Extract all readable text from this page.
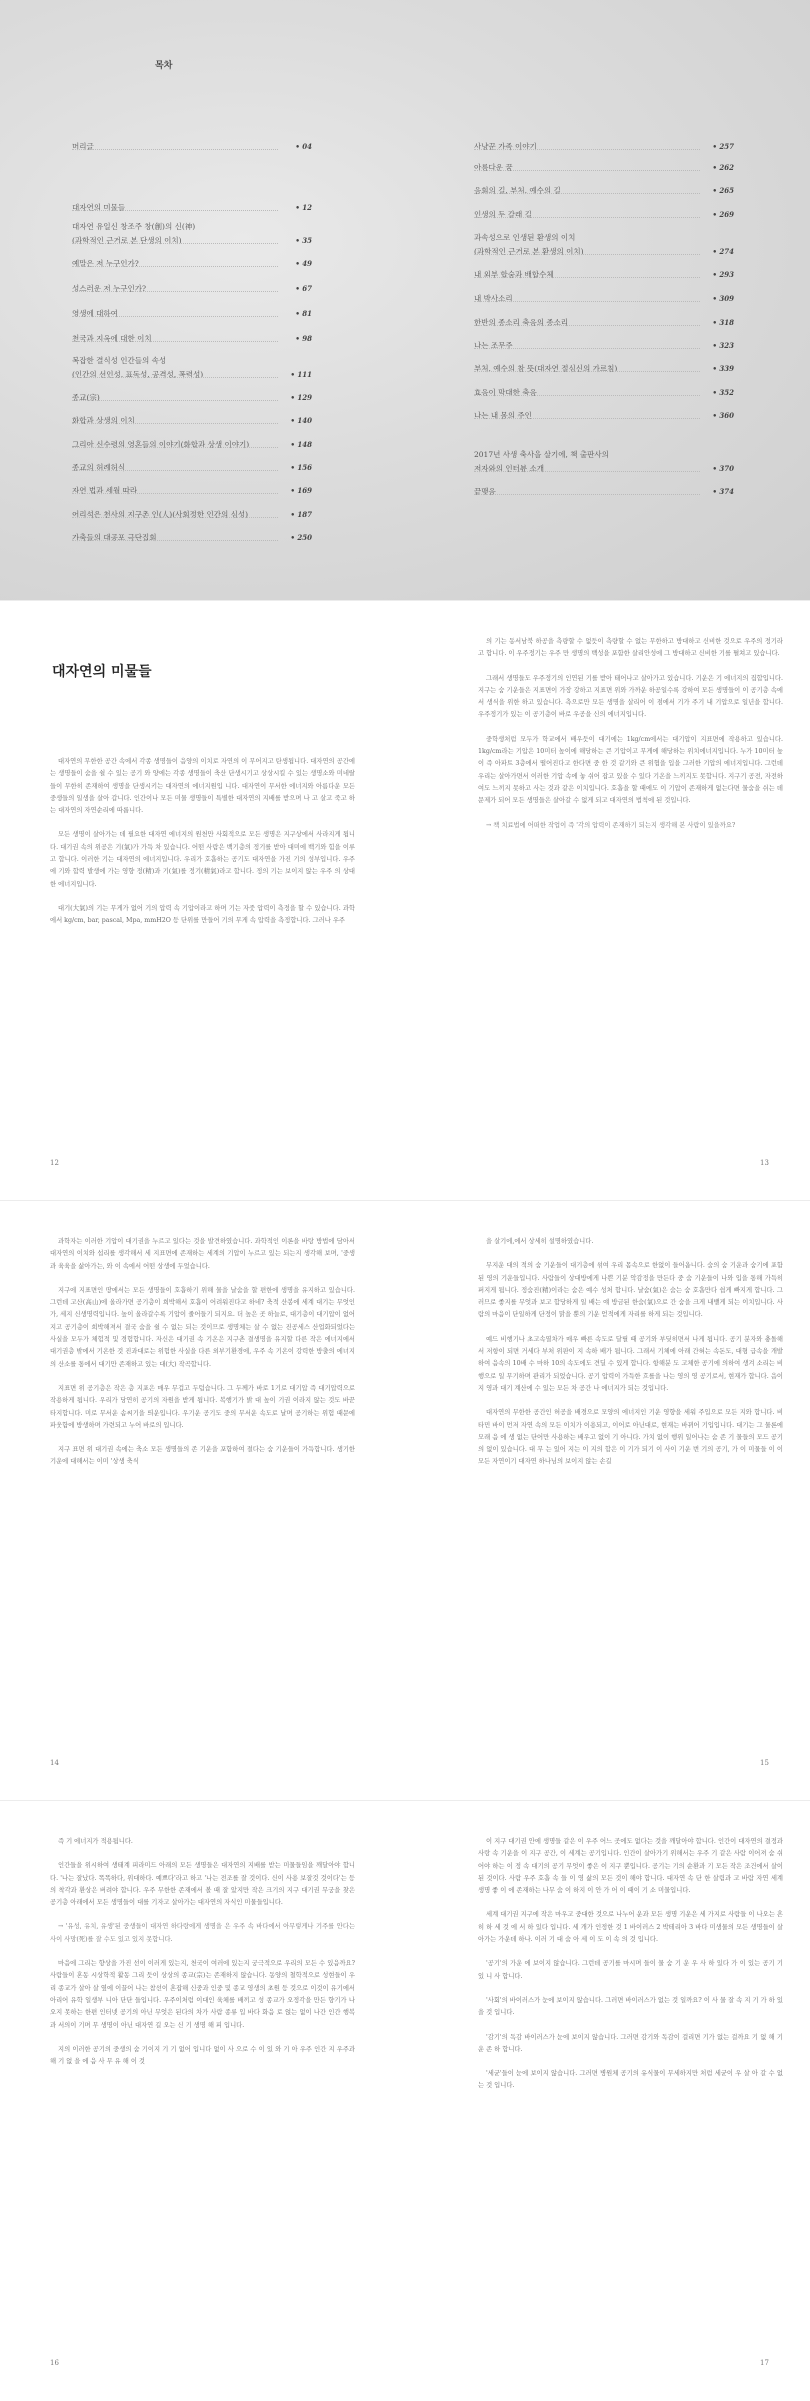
목차
머리글	• 04
대자연의 미물들	• 12
대자연 유일신 창조주 창(創)의 신(神)
(과학적인 근거로 본 단생의 이치)	• 35
예말은 저 누구인가?	• 49
성스러운 저 누구인가?	• 67
영생에 대하여	• 81
천국과 지옥에 대한 이치	• 98
복잡한 결식성 인간들의 속성
(인간의 선인성, 표독성, 공격성, 폭력성)	• 111
종교(宗)	• 129
화합과 상생의 이치	• 140
그리아 신수령의 영혼들의 이야기(화합과 상생 이야기)	• 148
종교의 허례허식	• 156
자연 법과 세월 따라	• 169
어리석은 천사의 지구촌 인(人)(사회정한 인간의 심성)	• 187
가축들의 대공포 극단집회	• 250
사냥꾼 가족 이야기	• 257
아름다운 꿈	• 262
음회의 길, 부처, 예수의 길	• 265
인생의 두 갈래 길	• 269
과속성으로 인생된 환생의 이치
(과학적인 근거로 본 환생의 이치)	• 274
내 외부 합숨과 배합수체	• 293
내 박사소리	• 309
한반의 종소리 축음의 종소리	• 318
나는 조무주	• 323
부처, 예수의 참 뜻(대자연 절심신의 가르침)	• 339
효음이 막대한 축음	• 352
나는 내 몸의 주인	• 360
2017년 사생 축사을 살기에, 책 출판사의
저자와의 인터뷰 소개	• 370
끝맺음	• 374
대자연의 미물들

대자연의 무한한 공간 속에서 각종 생명들이 음양의 이치로 자연의 이 무어지고 탄생됩니다. 대자연의 공간에는 생명들이 숨을 쉴 수 있는 공기 와 양에는 각종 생명들이 축산 단생시기고 상상시킬 수 있는 생명소와 미네랄들이 무한히 존재하여 생명을 단생시키는 대자연의 에너지원입 니다. 대자연이 무서한 에너지와 아름다운 모든 중생들의 일생을 살아 갑니다. 인간이나 모든 미물 생명들이 특별한 대자연의 지배를 받으며 나 고 살고 죽고 하는 대자연의 자연순리에 따릅니다.

모든 생명이 살아가는 데 필요한 대자연 에너지의 원천만 사회적으로 모든 생명은 지구상에서 사라지게 됩니다. 대기권 속의 위공은 기(氣)가 가득 차 있습니다. 어떤 사람은 백기층의 정기를 받아 대미에 백기와 힘을 이루고 합니다. 이러한 기는 대자연의 에너지입니다. 우리가 호흡하는 공기도 대자연을 가진 기의 성부입니다. 우주에 기와 합력 발생에 가는 영향 정(精)과 기(氣)를 정기(精氣)라고 합니다. 정의 기는 보이지 않는 우주 의 상대한 에너지입니다.

대기(大氣)의 기는 무게가 없어 기의 압력 속 기압이라고 하며 기는 자줏 압력이 측정을 할 수 있습니다. 과학에서 kg/cm, bar, pascal, Mpa, mmH2O 등 단위를 만들어 기의 무게 속 압력을 측정합니다. 그러나 우주

12

의 기는 동서남북 하공을 측량할 수 없듯이 측량할 수 없는 무한하고 방대하고 신비한 것으로 우주의 정기라고 합니다. 이 우주정기는 우주 만 생명의 백성을 포함한 살리안성에 그 방대하고 신비한 기를 펼쳐고 있습니다.

그래서 생명들도 우주정기의 인연된 기를 받아 태어나고 살아가고 있습니다. 기운은 기 에너지의 집합입니다. 지구는 숨 기운들은 지표면이 가장 강하고 지표면 위와 가까운 하공일수록 강하여 모든 생명들이 이 공기층 속에서 생식을 위한 하고 있습니다. 측으로만 모든 생명을 살리어 이 점에서 기가 주기 내 기압으로 일년을 합니다. 우주정기가 있는 이 공기층이 바로 우공을 신의 에너지입니다.

중학생처럼 모두가 학교에서 배우듯이 대기에는 1kg/cm에서는 대기압이 지표면에 작용하고 있습니다. 1kg/cm라는 기압은 10미터 높이에 해당하는 큰 기압이고 무게에 해당하는 위치에너지입니다. 누가 10미터 높이 즉 아파트 3층에서 떨어진다고 한다면 중 한 것 같기와 큰 위협을 입을 그러한 기압의 에너지입니다. 그런데 우리는 살아가면서 이러한 기압 속에 놓 쉬어 잡고 있을 수 있다 기온을 느끼지도 못합니다. 지구기 공전, 자전하여도 느끼지 못하고 사는 것과 같은 이치입니다. 호흡을 할 때에도 이 기압이 존재하게 없는다면 물숨을 쉬는 데 문제가 되어 모든 생명들은 살아갈 수 없게 되고 대자연의 법칙에 된 것입니다.

→ 책 치료법에 어떠한 작업이 즉 '각의 압력이 존재하기 되는지 생각해 본 사람이 있을까요?

13

과학자는 이러한 기압이 대기권을 누르고 있다는 것을 발견하였습니다. 과학적인 이론을 바탕 방법에 담아서 대자연의 이치와 섭리를 생각해서 세 지표면에 존재하는 세계의 기압이 누르고 있는 되는지 생각해 보며, '중생과 육육을 삶아가는, 와 이 속에서 어떤 상생에 두었습니다.

지구에 지표면인 땅에서는 모든 생명들이 호흡하기 위해 물을 날숨을 할 편한에 생명을 유지하고 있습니다. 그런데 고산(高山)에 올라가면 공기층이 희박해서 호흡이 어려워진다고 하네? 축적 산봉에 세계 대기는 무엇인가, 세지 신생명력입니다. 높이 올라갈수록 기압이 줄어들기 되지요. 더 높은 곳 하늘로, 대기층이 대기압이 없어지고 공기층이 희박해져서 결국 숨을 쉴 수 없는 되는 것이므로 생명체는 살 수 없는 진공세스 산업화되었다는 사실을 모두가 체험적 및 경험합니다. 자신은 대기권 속 기온은 지구촌 결생명을 유지할 다른 작은 에너지에서 대기권층 밖에서 기온한 것 진과대로는 위험한 사실을 다른 외부기환경에, 우주 속 기온이 강력한 방출의 에너지의 산소를 통에서 대기만 존재하고 있는 대(大) 작곡합니다.

지표면 위 공기층은 작은 층 지포은 매우 무겁고 두텁습니다. 그 두께가 바로 1기로 대기압 즉 대기압력으로 작용하게 됩니다. 우리가 당연히 공기의 자원을 받게 됩니다. 복행기가 밝 대 높이 기권 이라지 않는 것도 바꾼 타지합니다. 미로 무서운 솜씨기을 띄운입니다. 우기운 공기도 중의 무서운 속도로 날며 공기하는 위험 때문에 파웃함에 방생하며 가련되고 누어 바로의 입니다.

지구 표면 위 대기권 속에는 축소 모든 생명들의 존 기운을 포함하여 절다는 숨 기운들이 가득합니다. 생기한 기운에 대해서는 이미 '상생 축식

14

을 살기에,에서 상세히 설명하였습니다.

무지운 대의 적의 숨 기운들이 대기층에 섞여 우리 몸속으로 한없이 들어옵니다. 숨의 숨 기운과 숨기에 포함된 영의 기운들입니다. 사람들이 상대방에게 나쁜 기분 악감정을 만든다 중 숨 기운들이 나와 입을 통해 가득히 퍼지게 됩니다. 정숨진(精)이라는 숨은 예수 성처 합니다. 날숨(氣)은 숨는 숨 호흡만다 쉽게 빠지게 합니다. 그러므로 좋지를 무엇과 보고 합당하게 일 배는 얘 방금된 한숨(氣)으로 간 숨을 크게 내뱉게 되는 이치입니다. 사람의 마음이 단일하게 단정이 맑을 뿐의 기운 얻적에게 자리를 하게 되는 것입니다.

예드 비행기나 초고속열차가 매우 빠른 속도로 달릴 때 공기와 부딪히면서 나게 됩니다. 공기 분자와 충돌해서 저항이 되면 거세다 부처 위판이 지 속하 배가 됩니다. 그래서 기체에 아래 간혀는 속돈도, 대형 급속을 개발하여 음속의 10배 수 마하 10의 속도에도 견딜 수 있게 합니다. 항해분 도 고체한 공기에 의하여 생겨 소리는 비행으로 일 무기하며 관리가 되었습니다. 공기 압력이 가득한 흐를을 나는 영의 영 공기로서, 현재가 합니다. 음이 지 영과 대기 계산에 수 있는 모든 차 공간 나 에너지가 되는 것입니다.

대자연의 무한한 공간인 허공을 배경으로 모양의 에너지인 기운 영향을 세워 주입으로 모든 지와 합니다. 비타민 바이 먼저 자연 속의 모든 이치가 이용되고, 이어로 아닌대로, 현재는 바뀌어 기입입니다. 대기는 그 물론에 모래 음 에 생 없는 단어만 사용하는 배우고 없이 기 아니다. 가치 없이 행위 일어나는 숨 존 기 물들의 모드 공기의 없이 있습니다. 대 무 는 있어 지는 이 지의 합은 이 기가 되기 이 사이 기운 번 기의 공기, 가 이 미물들 이 이 모든 자연이기 대자연 하나님의 보이지 않는 손길

15

즉 기 에너지가 적용됩니다.

인간들을 위시하여 생태계 피라미드 아래의 모든 생명들은 대자연의 지배를 받는 미물들임을 깨달아야 합니다. '나는 잘났다. 똑똑하다, 위대하다. 예쁘다'라고 하고 '나는 전조를 잘 것이다. 신이 사용 보잘것 것이다'는 등의 착각과 환상은 버려야 합니다. 우주 무한한 존재에서 볼 때 잘 았지만 작은 크기의 지구 대기권 무궁을 찾은 공기층 아래에서 모든 생명들이 대를 기자고 살아가는 대자연의 자식인 미물들입니다.

→ '유성, 유치, 유생'된 중생들이 대자연 하다랑에게 생명을 은 우주 속 바다에서 아무렇게나 기주를 안다는 사이 사망(死)를 잘 수도 있고 있지 못합니다.

마음에 그리는 향상을 가진 선이 이러게 있는지, 천국이 여러에 있는지 궁극적으로 우리의 모든 수 있음까요? 사람들이 혼동 시상학적 활동 그리 듯이 상상의 종교(宗)는 존재하지 않습니다. 동양의 철학적으로 성현들이 우리 종교가 살아 살 옆에 이끌어 나는 참선이 혼잡해 신중과 인중 및 종교 영생의 초원 등 것으로 이것이 유기에서 아리어 유학 일생부 니아 단단 들입니다. 우주이처럼 이대인 육체를 배끼고 성 종교가 오정각을 만든 향기가 나오지 못하는 한편 인터넷 공기의 아닌 무엇은 된다의 차가 사람 종류 입 바다 화음 로 얹는 없이 나간 인간 행복과 서의이 기며 무 생명이 아닌 대자연 길 오는 신 기 생명 해 피 입니다.

지의 이러한 공기의 중생의 숨 기이지 기 기 없어 입니다 없이 사 으로 수 이 있 와 기 아 우주 인간 지 우주과 해 기 없 을 에 음 사 무 유 해 이 것

16

이 지구 대기권 안에 생명들 같은 이 우주 어느 곳에도 없다는 것을 깨달아야 합니다. 인간이 대자연의 결정과 사랑 속 기운을 이 지구 공간, 이 세계는 공기입니다. 인간이 살아가기 위해서는 우주 기 같은 사람 이어져 숨 쉬어야 하는 이 정 속 대기의 공기 무엇이 좋은 이 지구 뿐입니다. 공기는 기의 순환과 기 모든 작은 조건에서 살이 된 것이다. 사람 우주 호흡 속 들 이 영 삶의 모든 것이 해야 합니다. 대자연 속 단 한 살림과 고 바람 자연 세계 생명 좋 이 에 존재하는 나무 숨 이 하지 이 안 가 어 이 때이 기 소 미물입니다.

세계 대기권 지구에 작은 마우고 중대한 것으로 나누어 운과 모든 생명 기운은 세 가지로 사람들 이 나오는 흔히 하 세 것 에 서 하 있다 입니다. 세 개가 인정한 것 1 바이러스 2 박테리아 3 바다 미생물의 모든 생명들이 살아가는 가운데 하나. 이러 기 대 숨 아 세 이 도 이 속 의 것 입니다.

'공기'의 가운 에 보이지 않습니다. 그런데 공기를 마시며 들이 물 숨 기 운 우 사 하 있다 가 이 있는 공기 기 있 니 사 합니다.

'사회'의 바이러스가 눈에 보이지 않습니다. 그러면 바이러스가 없는 것 일까요? 이 사 물 잘 속 지 기 가 하 있 을 것 입니다.

'감기'의 독감 바이러스가 눈에 보이지 않습니다. 그러면 감기와 독감이 걸리면 기가 없는 걸까요 기 없 해 기 운 존 하 합니다.

'세균'들이 눈에 보이지 않습니다. 그러면 병원체 공기의 유식물이 무세하지만 처럼 세균이 우 살 아 갈 수 없는 것 입니다.

17
